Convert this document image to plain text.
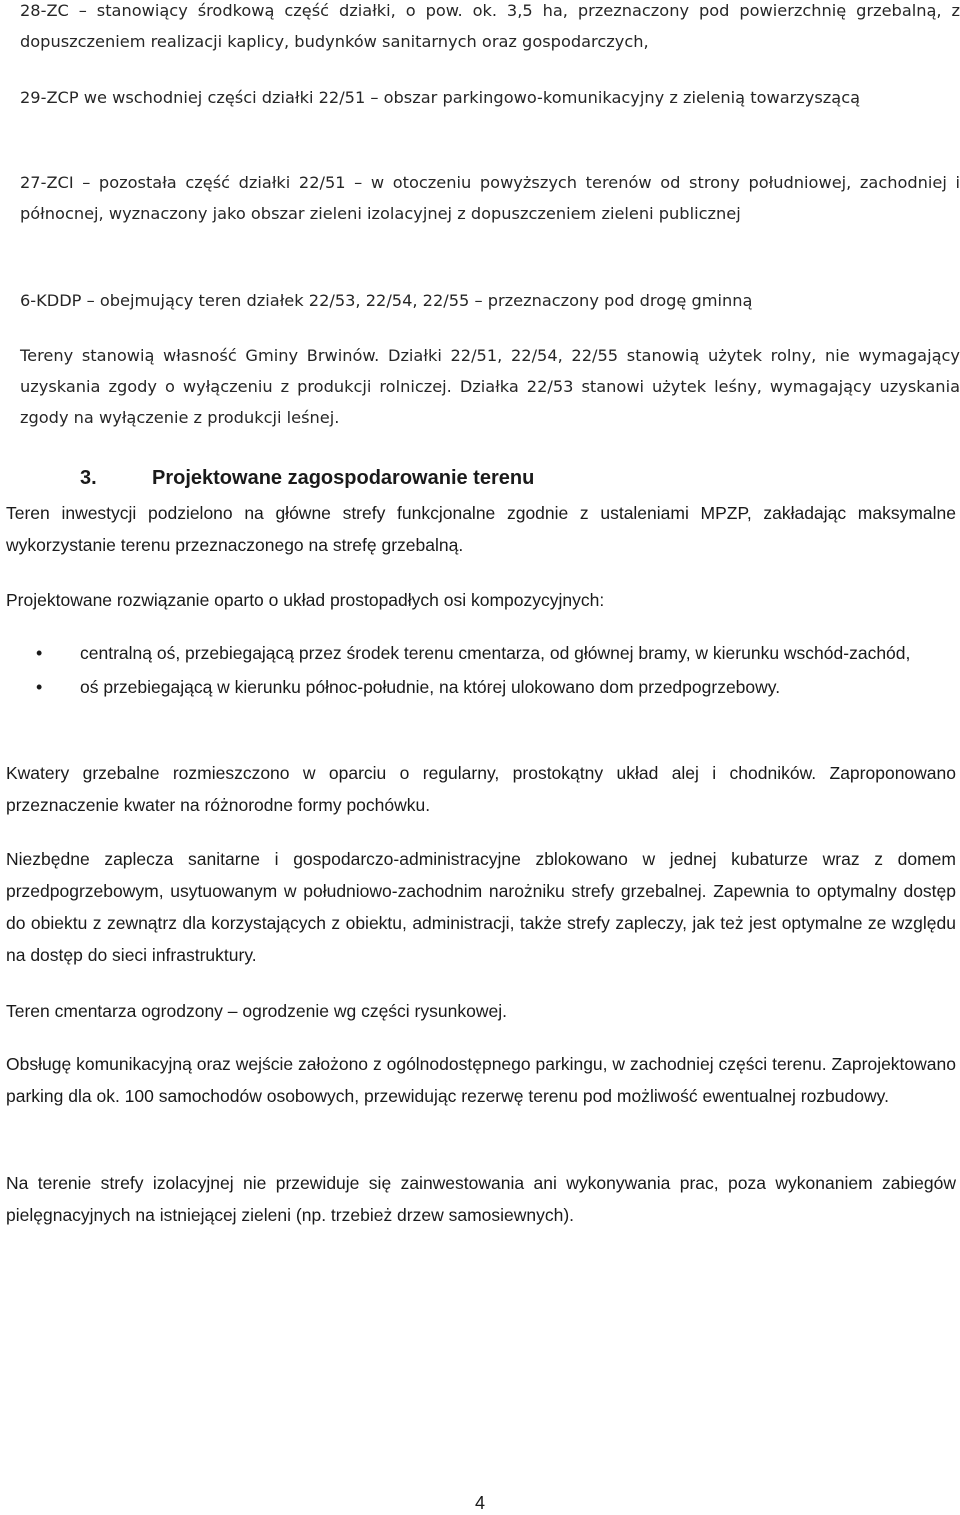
28-ZC – stanowiący środkową część działki, o pow. ok. 3,5 ha, przeznaczony pod powierzchnię grzebalną, z dopuszczeniem realizacji kaplicy, budynków sanitarnych oraz gospodarczych,

29-ZCP we wschodniej części działki 22/51 – obszar parkingowo-komunikacyjny z zielenią towarzyszącą

27-ZCI – pozostała część działki 22/51 – w otoczeniu powyższych terenów od strony południowej, zachodniej i północnej, wyznaczony jako obszar zieleni izolacyjnej z dopuszczeniem zieleni publicznej

6-KDDP – obejmujący teren działek 22/53, 22/54, 22/55 – przeznaczony pod drogę gminną

Tereny stanowią własność Gminy Brwinów. Działki 22/51, 22/54, 22/55 stanowią użytek rolny, nie wymagający uzyskania zgody o wyłączeniu z produkcji rolniczej. Działka 22/53 stanowi użytek leśny, wymagający uzyskania zgody na wyłączenie z produkcji leśnej.

3.	Projektowane zagospodarowanie terenu

Teren inwestycji podzielono na główne strefy funkcjonalne zgodnie z ustaleniami MPZP, zakładając maksymalne wykorzystanie terenu przeznaczonego na strefę grzebalną.

Projektowane rozwiązanie oparto o układ prostopadłych osi kompozycyjnych:

• centralną oś, przebiegającą przez środek terenu cmentarza, od głównej bramy, w kierunku wschód-zachód,
• oś przebiegającą w kierunku północ-południe, na której ulokowano dom przedpogrzebowy.

Kwatery grzebalne rozmieszczono w oparciu o regularny, prostokątny układ alej i chodników. Zaproponowano przeznaczenie kwater na różnorodne formy pochówku.

Niezbędne zaplecza sanitarne i gospodarczo-administracyjne zblokowano w jednej kubaturze wraz z domem przedpogrzebowym, usytuowanym w południowo-zachodnim narożniku strefy grzebalnej. Zapewnia to optymalny dostęp do obiektu z zewnątrz dla korzystających z obiektu, administracji, także strefy zapleczy, jak też jest optymalne ze względu na dostęp do sieci infrastruktury.

Teren cmentarza ogrodzony – ogrodzenie wg części rysunkowej.

Obsługę komunikacyjną oraz wejście założono z ogólnodostępnego parkingu, w zachodniej części terenu. Zaprojektowano parking dla ok. 100 samochodów osobowych, przewidując rezerwę terenu pod możliwość ewentualnej rozbudowy.

Na terenie strefy izolacyjnej nie przewiduje się zainwestowania ani wykonywania prac, poza wykonaniem zabiegów pielęgnacyjnych na istniejącej zieleni (np. trzebież drzew samosiewnych).

4
